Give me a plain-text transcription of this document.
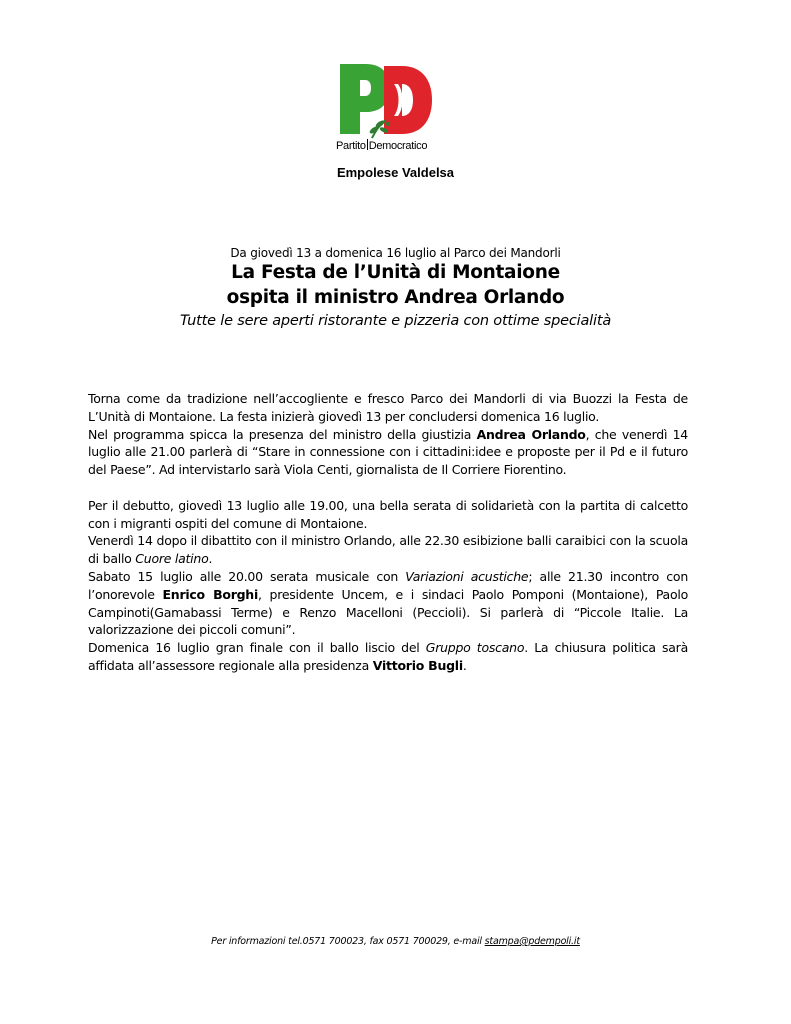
Partito Democratico
Empolese Valdelsa
Da giovedì 13 a domenica 16 luglio al Parco dei Mandorli
La Festa de l’Unità di Montaione
ospita il ministro Andrea Orlando
Tutte le sere aperti ristorante e pizzeria con ottime specialità

Torna come da tradizione nell’accogliente e fresco Parco dei Mandorli di via Buozzi la Festa de L’Unità di Montaione. La festa inizierà giovedì 13 per concludersi domenica 16 luglio.

Nel programma spicca la presenza del ministro della giustizia Andrea Orlando, che venerdì 14 luglio alle 21.00 parlerà di “Stare in connessione con i cittadini:idee e proposte per il Pd e il futuro del Paese”. Ad intervistarlo sarà Viola Centi, giornalista de Il Corriere Fiorentino.

Per il debutto, giovedì 13 luglio alle 19.00, una bella serata di solidarietà con la partita di calcetto con i migranti ospiti del comune di Montaione.

Venerdì 14 dopo il dibattito con il ministro Orlando, alle 22.30 esibizione balli caraibici con la scuola di ballo Cuore latino.

Sabato 15 luglio alle 20.00 serata musicale con Variazioni acustiche; alle 21.30 incontro con l’onorevole Enrico Borghi, presidente Uncem, e i sindaci Paolo Pomponi (Montaione), Paolo Campinoti(Gamabassi Terme) e Renzo Macelloni (Peccioli). Si parlerà di “Piccole Italie. La valorizzazione dei piccoli comuni”.

Domenica 16 luglio gran finale con il ballo liscio del Gruppo toscano. La chiusura politica sarà affidata all’assessore regionale alla presidenza Vittorio Bugli.

Per informazioni tel.0571 700023, fax 0571 700029, e-mail stampa@pdempoli.it
